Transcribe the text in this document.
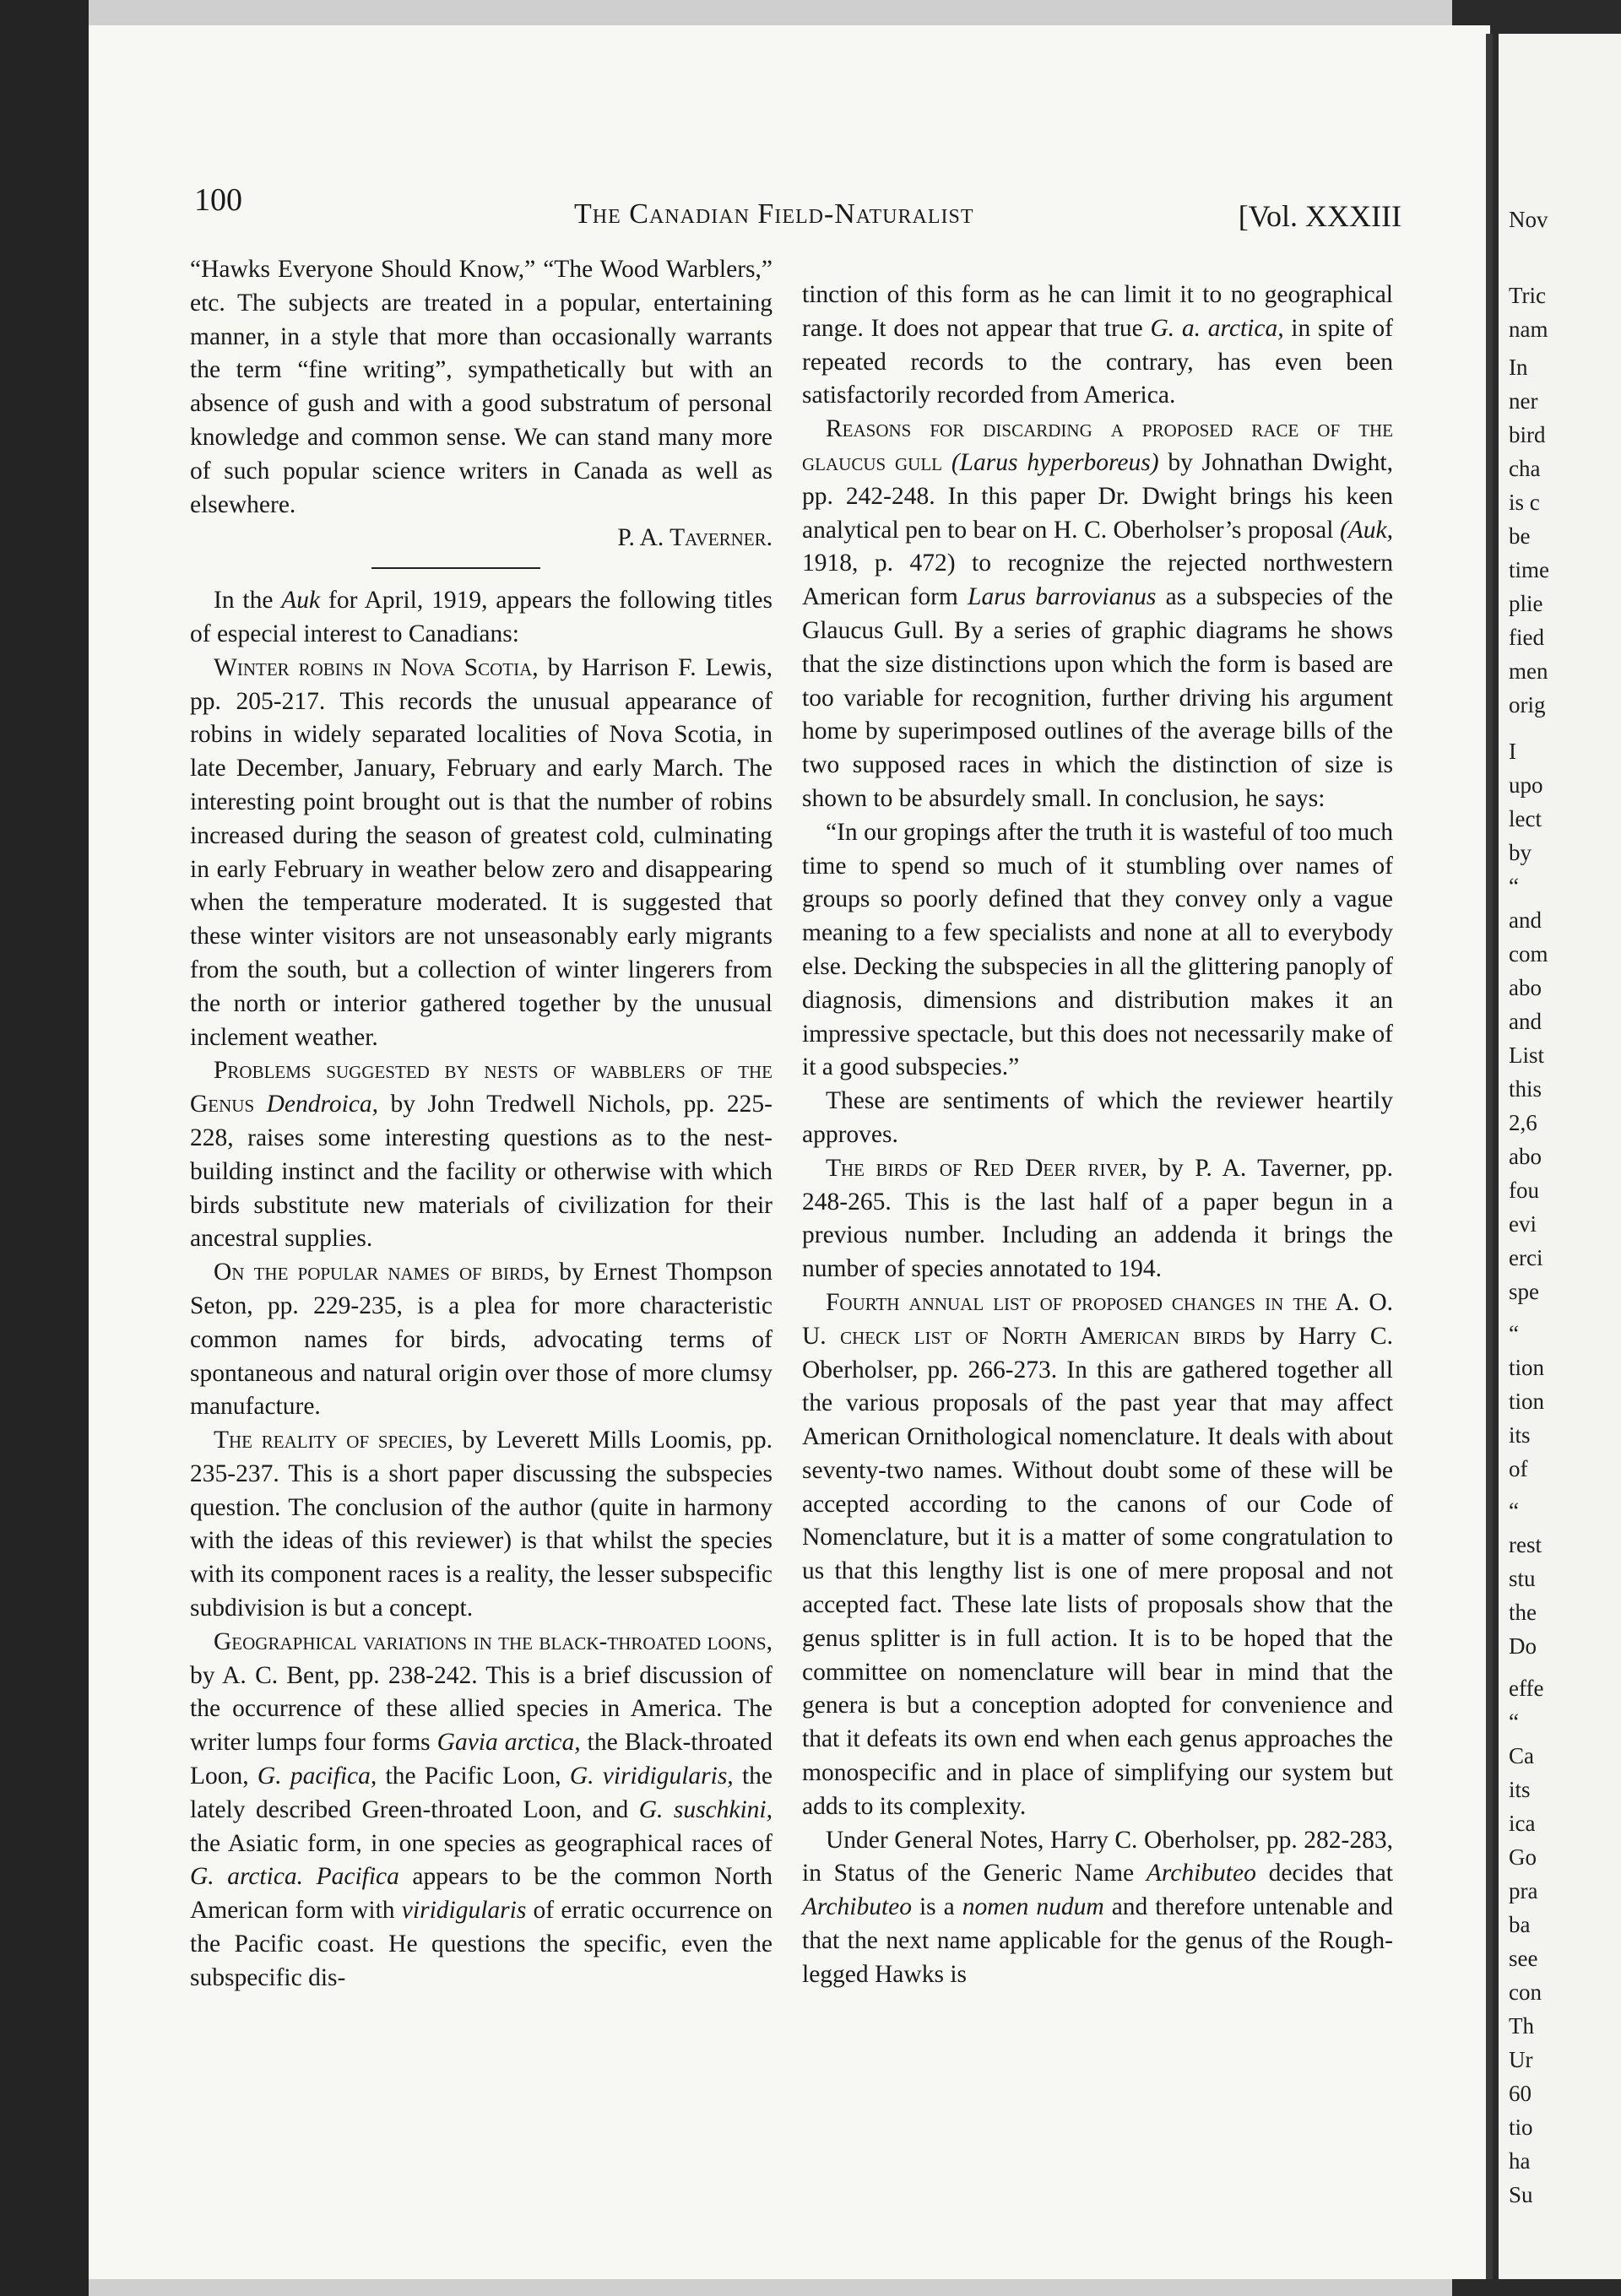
Nov
Tric
nam
In
ner
bird
cha
is c
be
time
plie
fied
men
orig
I
upo
lect
by
“
and
com
abo
and
List
this
2,6
abo
fou
evi
erci
spe
“
tion
tion
its
of
“
rest
stu
the
Do
effe
“
Ca
its
ica
Go
pra
ba
see
con
Th
Ur
60
tio
ha
Su
100	The Canadian Field-Naturalist	[Vol. XXXIII

“Hawks Everyone Should Know,” “The Wood Warblers,” etc. The subjects are treated in a popular, entertaining manner, in a style that more than occasionally warrants the term “fine writing”, sympathetically but with an absence of gush and with a good substratum of personal knowledge and common sense. We can stand many more of such popular science writers in Canada as well as elsewhere.

P. A. Taverner.

In the Auk for April, 1919, appears the following titles of especial interest to Canadians:

Winter robins in Nova Scotia, by Harrison F. Lewis, pp. 205-217. This records the unusual appearance of robins in widely separated localities of Nova Scotia, in late December, January, February and early March. The interesting point brought out is that the number of robins increased during the season of greatest cold, culminating in early February in weather below zero and disappearing when the temperature moderated. It is suggested that these winter visitors are not unseasonably early migrants from the south, but a collection of winter lingerers from the north or interior gathered together by the unusual inclement weather.

Problems suggested by nests of wabblers of the Genus Dendroica, by John Tredwell Nichols, pp. 225-228, raises some interesting questions as to the nest-building instinct and the facility or otherwise with which birds substitute new materials of civilization for their ancestral supplies.

On the popular names of birds, by Ernest Thompson Seton, pp. 229-235, is a plea for more characteristic common names for birds, advocating terms of spontaneous and natural origin over those of more clumsy manufacture.

The reality of species, by Leverett Mills Loomis, pp. 235-237. This is a short paper discussing the subspecies question. The conclusion of the author (quite in harmony with the ideas of this reviewer) is that whilst the species with its component races is a reality, the lesser subspecific subdivision is but a concept.

Geographical variations in the black-throated loons, by A. C. Bent, pp. 238-242. This is a brief discussion of the occurrence of these allied species in America. The writer lumps four forms Gavia arctica, the Black-throated Loon, G. pacifica, the Pacific Loon, G. viridigularis, the lately described Green-throated Loon, and G. suschkini, the Asiatic form, in one species as geographical races of G. arctica. Pacifica appears to be the common North American form with viridigularis of erratic occurrence on the Pacific coast. He questions the specific, even the subspecific dis-

tinction of this form as he can limit it to no geographical range. It does not appear that true G. a. arctica, in spite of repeated records to the contrary, has even been satisfactorily recorded from America.

Reasons for discarding a proposed race of the glaucus gull (Larus hyperboreus) by Johnathan Dwight, pp. 242-248. In this paper Dr. Dwight brings his keen analytical pen to bear on H. C. Oberholser’s proposal (Auk, 1918, p. 472) to recognize the rejected northwestern American form Larus barrovianus as a subspecies of the Glaucus Gull. By a series of graphic diagrams he shows that the size distinctions upon which the form is based are too variable for recognition, further driving his argument home by superimposed outlines of the average bills of the two supposed races in which the distinction of size is shown to be absurdely small. In conclusion, he says:

“In our gropings after the truth it is wasteful of too much time to spend so much of it stumbling over names of groups so poorly defined that they convey only a vague meaning to a few specialists and none at all to everybody else. Decking the subspecies in all the glittering panoply of diagnosis, dimensions and distribution makes it an impressive spectacle, but this does not necessarily make of it a good subspecies.”

These are sentiments of which the reviewer heartily approves.

The birds of Red Deer river, by P. A. Taverner, pp. 248-265. This is the last half of a paper begun in a previous number. Including an addenda it brings the number of species annotated to 194.

Fourth annual list of proposed changes in the A. O. U. check list of North American birds by Harry C. Oberholser, pp. 266-273. In this are gathered together all the various proposals of the past year that may affect American Ornithological nomenclature. It deals with about seventy-two names. Without doubt some of these will be accepted according to the canons of our Code of Nomenclature, but it is a matter of some congratulation to us that this lengthy list is one of mere proposal and not accepted fact. These late lists of proposals show that the genus splitter is in full action. It is to be hoped that the committee on nomenclature will bear in mind that the genera is but a conception adopted for convenience and that it defeats its own end when each genus approaches the monospecific and in place of simplifying our system but adds to its complexity.

Under General Notes, Harry C. Oberholser, pp. 282-283, in Status of the Generic Name Archibuteo decides that Archibuteo is a nomen nudum and therefore untenable and that the next name applicable for the genus of the Rough-legged Hawks is
